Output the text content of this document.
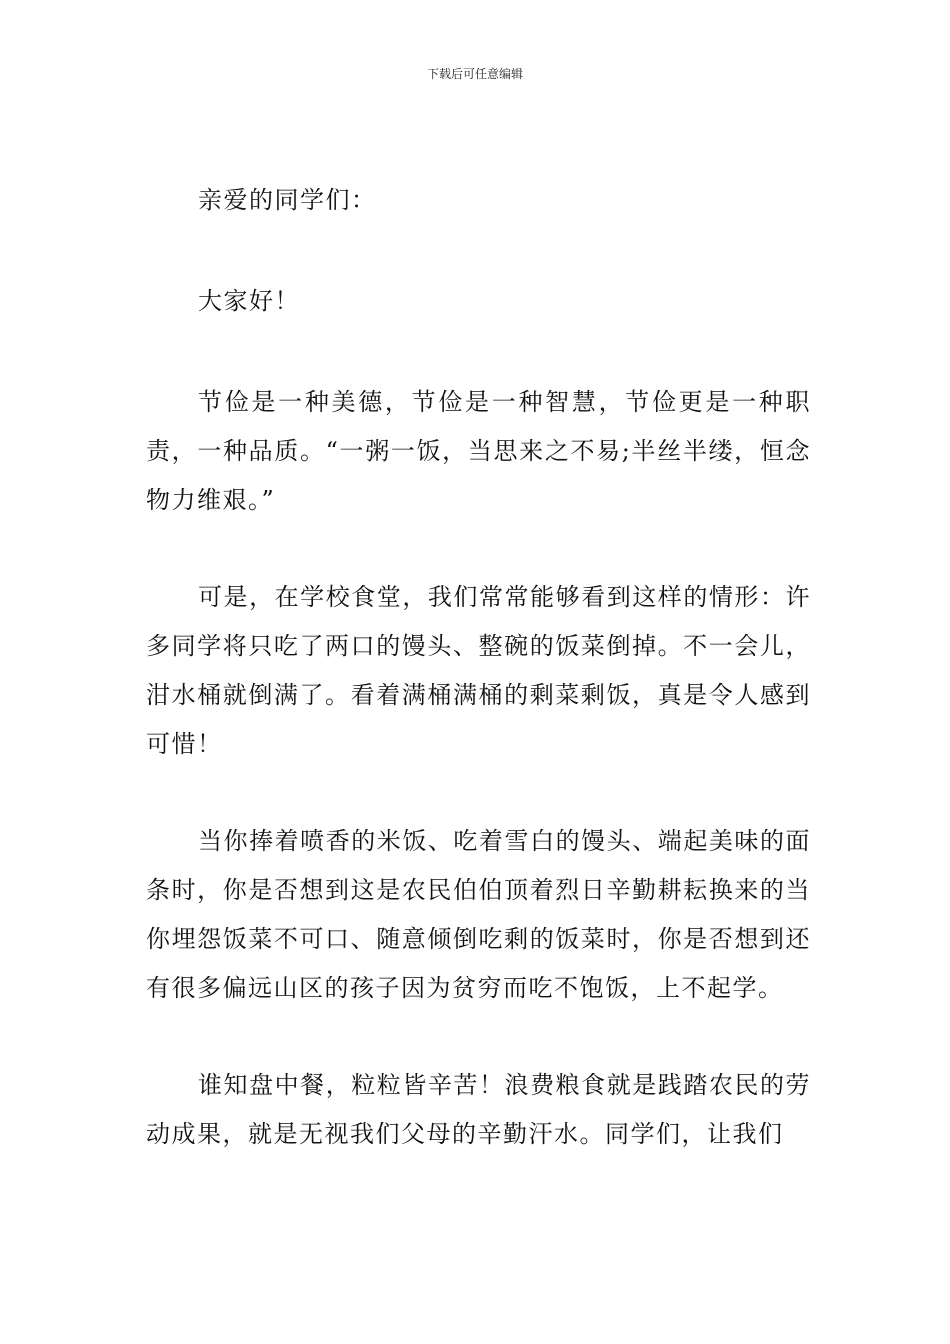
下载后可任意编辑

亲爱的同学们：

大家好！

节俭是一种美德，节俭是一种智慧，节俭更是一种职责，一种品质。“一粥一饭，当思来之不易;半丝半缕，恒念物力维艰。”

可是，在学校食堂，我们常常能够看到这样的情形：许多同学将只吃了两口的馒头、整碗的饭菜倒掉。不一会儿，泔水桶就倒满了。看着满桶满桶的剩菜剩饭，真是令人感到可惜！

当你捧着喷香的米饭、吃着雪白的馒头、端起美味的面条时，你是否想到这是农民伯伯顶着烈日辛勤耕耘换来的当你埋怨饭菜不可口、随意倾倒吃剩的饭菜时，你是否想到还有很多偏远山区的孩子因为贫穷而吃不饱饭，上不起学。

谁知盘中餐，粒粒皆辛苦！浪费粮食就是践踏农民的劳动成果，就是无视我们父母的辛勤汗水。同学们，让我们
